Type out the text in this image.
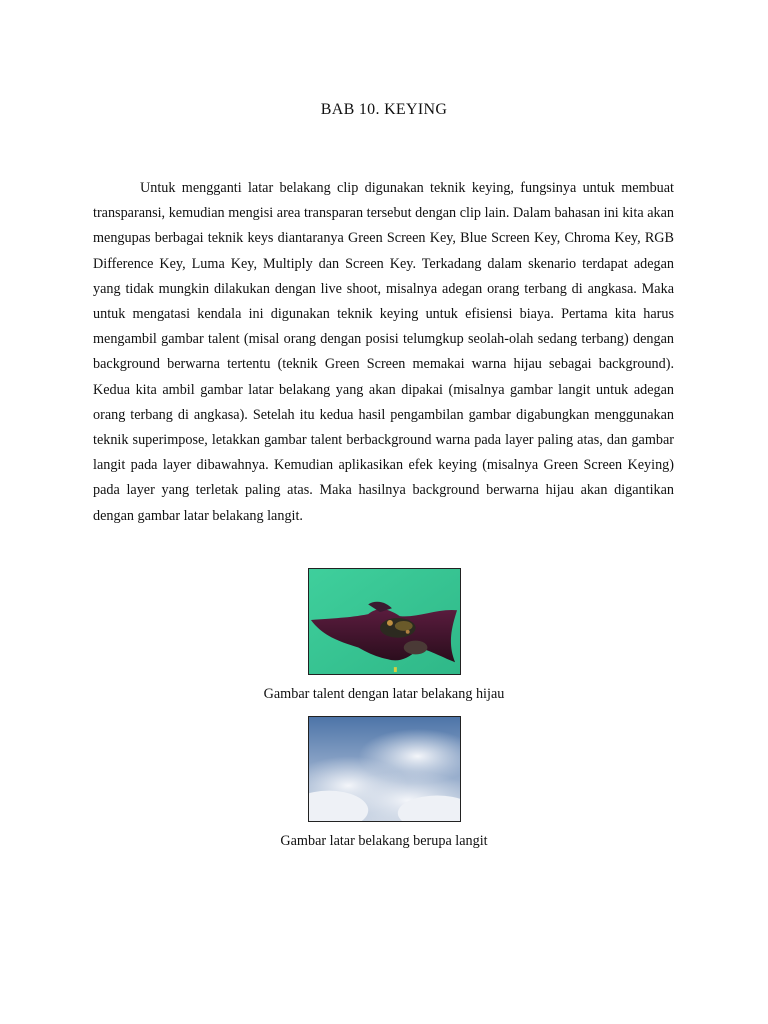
BAB 10. KEYING

Untuk mengganti latar belakang clip digunakan teknik keying, fungsinya untuk membuat transparansi, kemudian mengisi area transparan tersebut dengan clip lain. Dalam bahasan ini kita akan mengupas berbagai teknik keys diantaranya Green Screen Key, Blue Screen Key, Chroma Key, RGB Difference Key, Luma Key, Multiply dan Screen Key. Terkadang dalam skenario terdapat adegan yang tidak mungkin dilakukan dengan live shoot, misalnya adegan orang terbang di angkasa. Maka untuk mengatasi kendala ini digunakan teknik keying untuk efisiensi biaya. Pertama kita harus mengambil gambar talent (misal orang dengan posisi telumgkup seolah-olah sedang terbang) dengan background berwarna tertentu (teknik Green Screen memakai warna hijau sebagai background). Kedua kita ambil gambar latar belakang yang akan dipakai (misalnya gambar langit untuk adegan orang terbang di angkasa). Setelah itu kedua hasil pengambilan gambar digabungkan menggunakan teknik superimpose, letakkan gambar talent berbackground warna pada layer paling atas, dan gambar langit pada layer dibawahnya. Kemudian aplikasikan efek keying (misalnya Green Screen Keying) pada layer yang terletak paling atas. Maka hasilnya background berwarna hijau akan digantikan dengan gambar latar belakang langit.

Gambar talent dengan latar belakang hijau

Gambar latar belakang berupa langit
